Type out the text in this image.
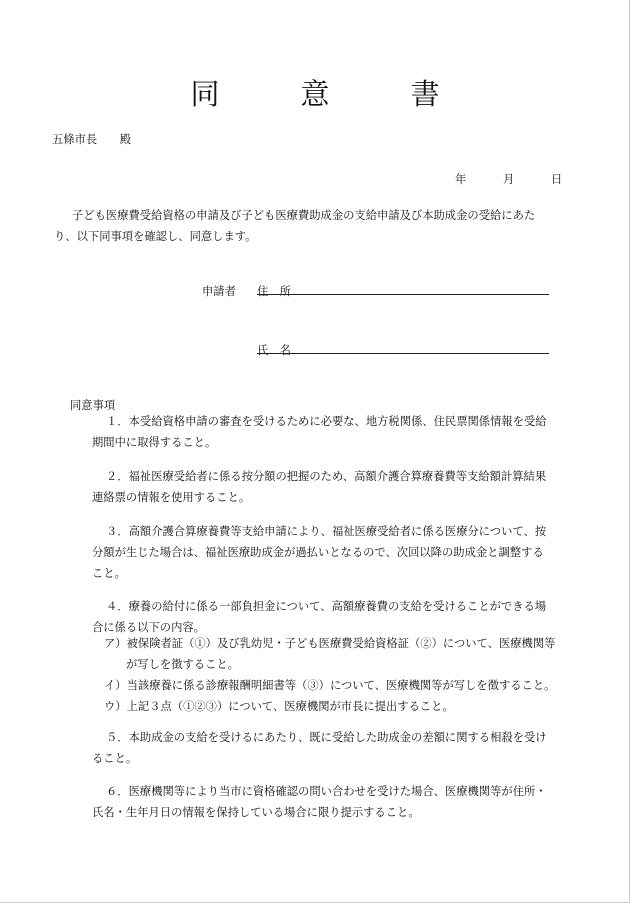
同　意　書
五條市長　　殿
年	月	日
子ども医療費受給資格の申請及び子ども医療費助成金の支給申請及び本助成金の受給にあたり、以下同事項を確認し、同意します。
申請者 住　所
氏　名
同意事項
１．本受給資格申請の審査を受けるために必要な、地方税関係、住民票関係情報を受給期間中に取得すること。
２．福祉医療受給者に係る按分額の把握のため、高額介護合算療養費等支給額計算結果連絡票の情報を使用すること。
３．高額介護合算療養費等支給申請により、福祉医療受給者に係る医療分について、按分額が生じた場合は、福祉医療助成金が過払いとなるので、次回以降の助成金と調整すること。
４．療養の給付に係る一部負担金について、高額療養費の支給を受けることができる場合に係る以下の内容。
ア）被保険者証（①）及び乳幼児・子ども医療費受給資格証（②）について、医療機関等が写しを徴すること。
イ）当該療養に係る診療報酬明細書等（③）について、医療機関等が写しを徴すること。
ウ）上記３点（①②③）について、医療機関が市長に提出すること。
５．本助成金の支給を受けるにあたり、既に受給した助成金の差額に関する相殺を受けること。
６．医療機関等により当市に資格確認の問い合わせを受けた場合、医療機関等が住所・氏名・生年月日の情報を保持している場合に限り提示すること。
